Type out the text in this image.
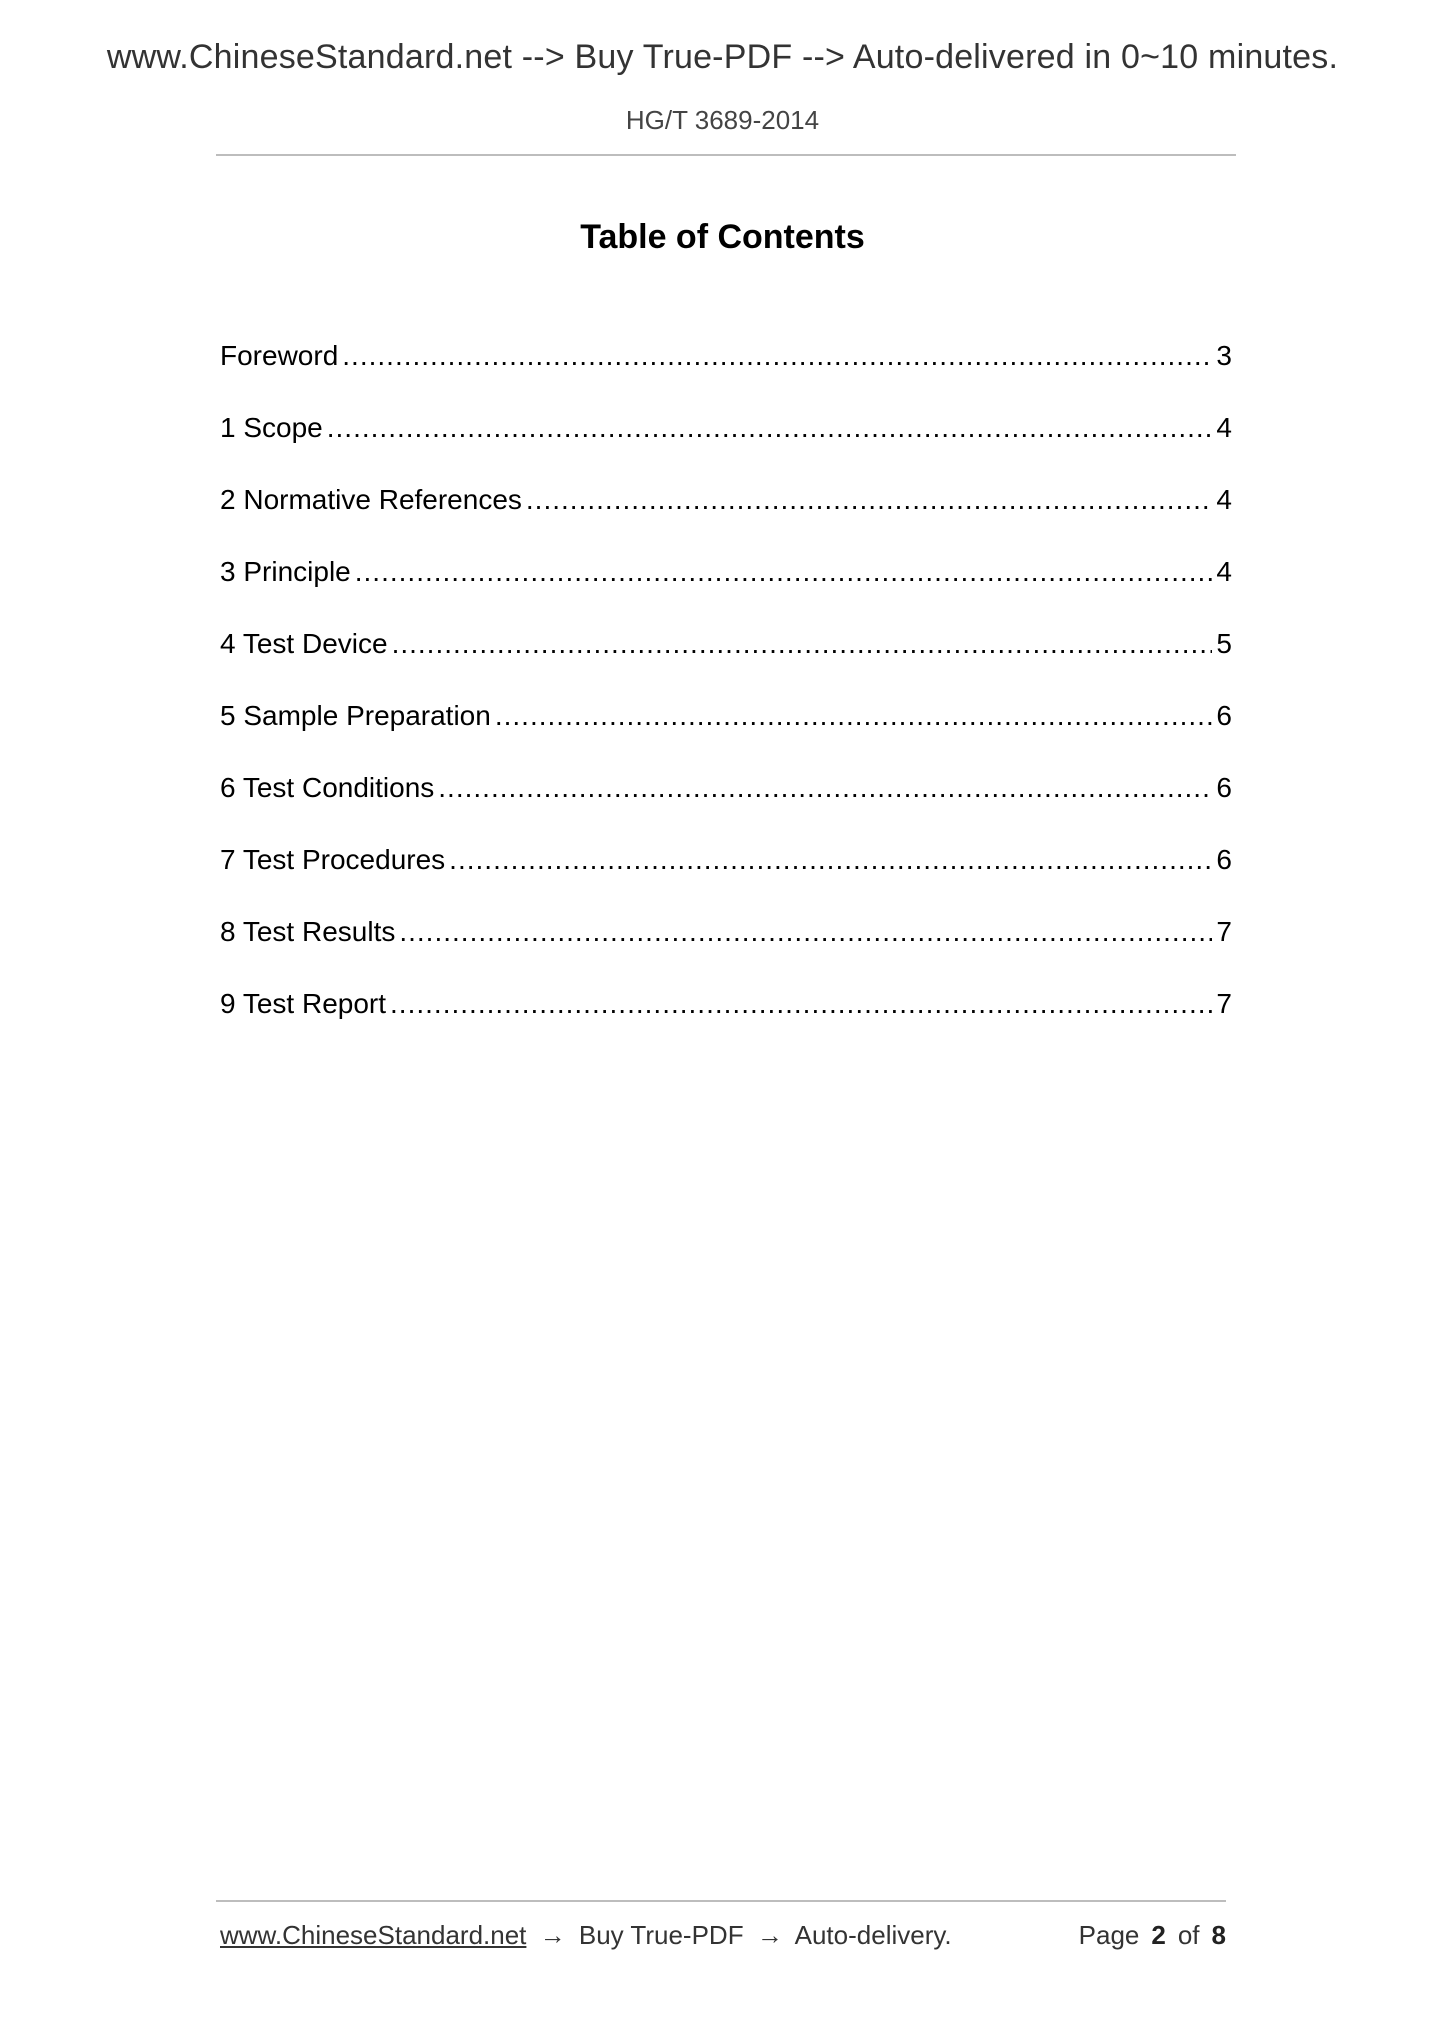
www.ChineseStandard.net --> Buy True-PDF --> Auto-delivered in 0~10 minutes.
HG/T 3689-2014
Table of Contents
Foreword .....	3
1 Scope .....	4
2 Normative References .....	4
3 Principle .....	4
4 Test Device .....	5
5 Sample Preparation .....	6
6 Test Conditions .....	6
7 Test Procedures .....	6
8 Test Results .....	7
9 Test Report .....	7
www.ChineseStandard.net → Buy True-PDF → Auto-delivery.	Page 2 of 8
